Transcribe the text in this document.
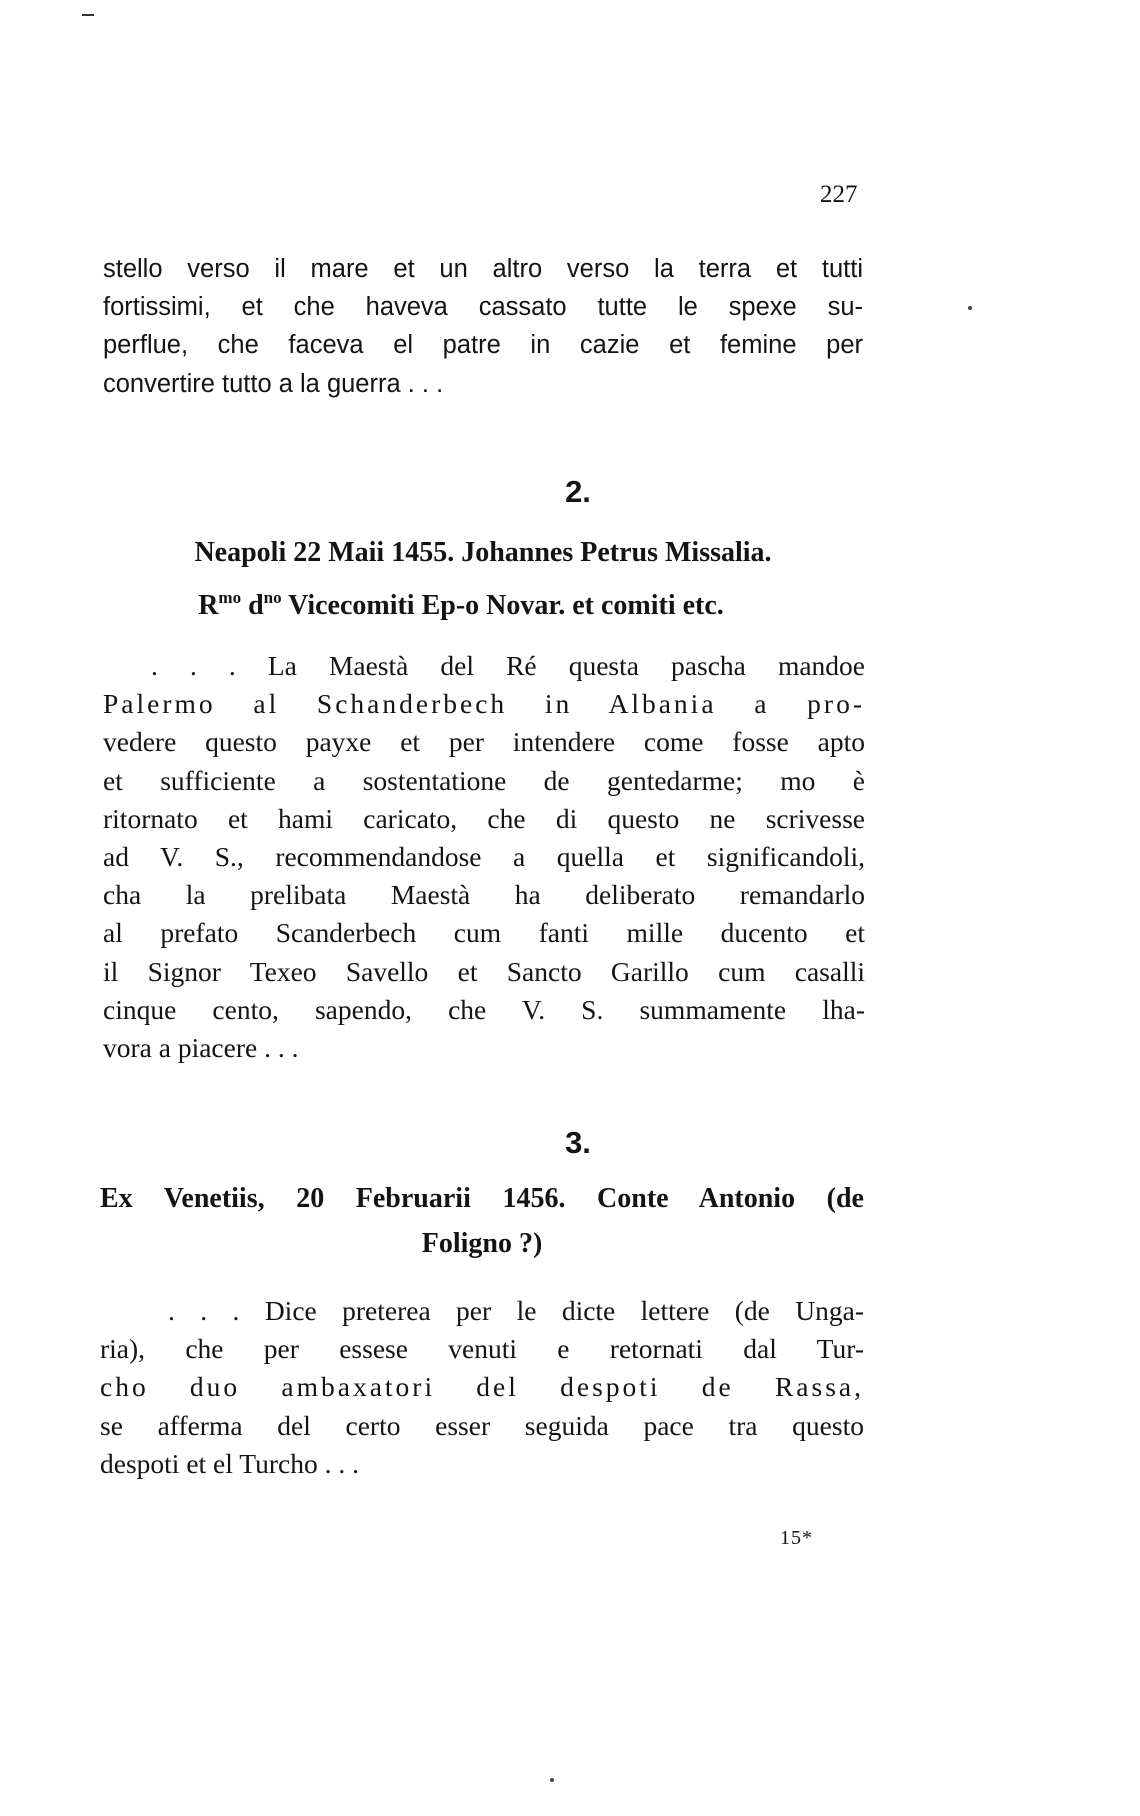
227
stello verso il mare et un altro verso la terra et tutti
fortissimi, et che haveva cassato tutte le spexe su-
perflue, che faceva el patre in cazie et femine per
convertire tutto a la guerra . . .
2.
Neapoli 22 Maii 1455. Johannes Petrus Missalia.
$R^{mo}$ $d^{no}$ Vicecomiti Ep-o Novar. et comiti etc.
. . . La Maestà del Ré questa pascha mandoe
Palermo al Schanderbech in Albania a pro-
vedere questo payxe et per intendere come fosse apto
et sufficiente a sostentatione de gentedarme; mo è
ritornato et hami caricato, che di questo ne scrivesse
ad V. S., recommendandose a quella et significandoli,
cha la prelibata Maestà ha deliberato remandarlo
al prefato Scanderbech cum fanti mille ducento et
il Signor Texeo Savello et Sancto Garillo cum casalli
cinque cento, sapendo, che V. S. summamente lha-
vora a piacere . . .
3.
Ex Venetiis, 20 Februarii 1456. Conte Antonio (de
Foligno ?)
. . . Dice preterea per le dicte lettere (de Unga-
ria), che per essese venuti e retornati dal Tur-
cho duo ambaxatori del despoti de Rassa,
se afferma del certo esser seguida pace tra questo
despoti et el Turcho . . .
15*
